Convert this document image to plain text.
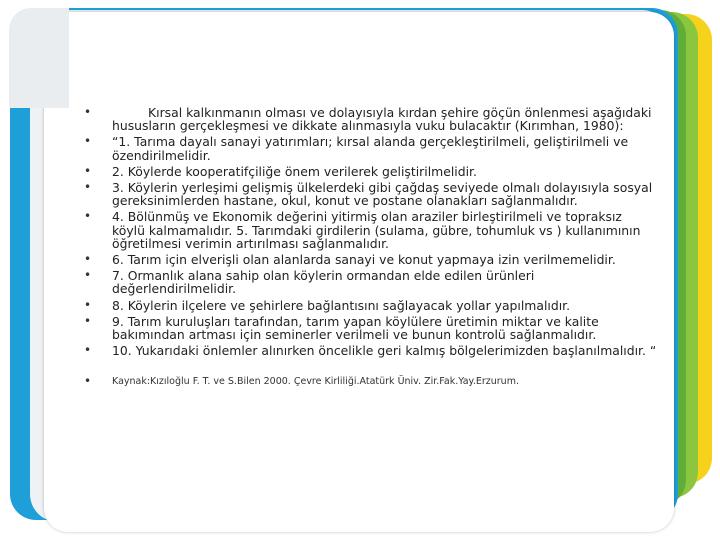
•	Kırsal kalkınmanın olması ve dolayısıyla kırdan şehire göçün önlenmesi aşağıdaki hususların gerçekleşmesi ve dikkate alınmasıyla vuku bulacaktır (Kırımhan, 1980):
• “1. Tarıma dayalı sanayi yatırımları; kırsal alanda gerçekleştirilmeli, geliştirilmeli ve özendirilmelidir.
• 2. Köylerde kooperatifçiliğe önem verilerek geliştirilmelidir.
• 3. Köylerin yerleşimi gelişmiş ülkelerdeki gibi çağdaş seviyede olmalı dolayısıyla sosyal gereksinimlerden hastane, okul, konut ve postane olanakları sağlanmalıdır.
• 4. Bölünmüş ve Ekonomik değerini yitirmiş olan araziler birleştirilmeli ve topraksız köylü kalmamalıdır. 5. Tarımdaki girdilerin (sulama, gübre, tohumluk vs ) kullanımının öğretilmesi verimin artırılması sağlanmalıdır.
• 6. Tarım için elverişli olan alanlarda sanayi ve konut yapmaya izin verilmemelidir.
• 7. Ormanlık alana sahip olan köylerin ormandan elde edilen ürünleri değerlendirilmelidir.
• 8. Köylerin ilçelere ve şehirlere bağlantısını sağlayacak yollar yapılmalıdır.
• 9. Tarım kuruluşları tarafından, tarım yapan köylülere üretimin miktar ve kalite bakımından artması için seminerler verilmeli ve bunun kontrolü sağlanmalıdır.
• 10. Yukarıdaki önlemler alınırken öncelikle geri kalmış bölgelerimizden başlanılmalıdır. “
• Kaynak:Kızıloğlu F. T. ve S.Bilen 2000. Çevre Kirliliği.Atatürk Üniv. Zir.Fak.Yay.Erzurum.
